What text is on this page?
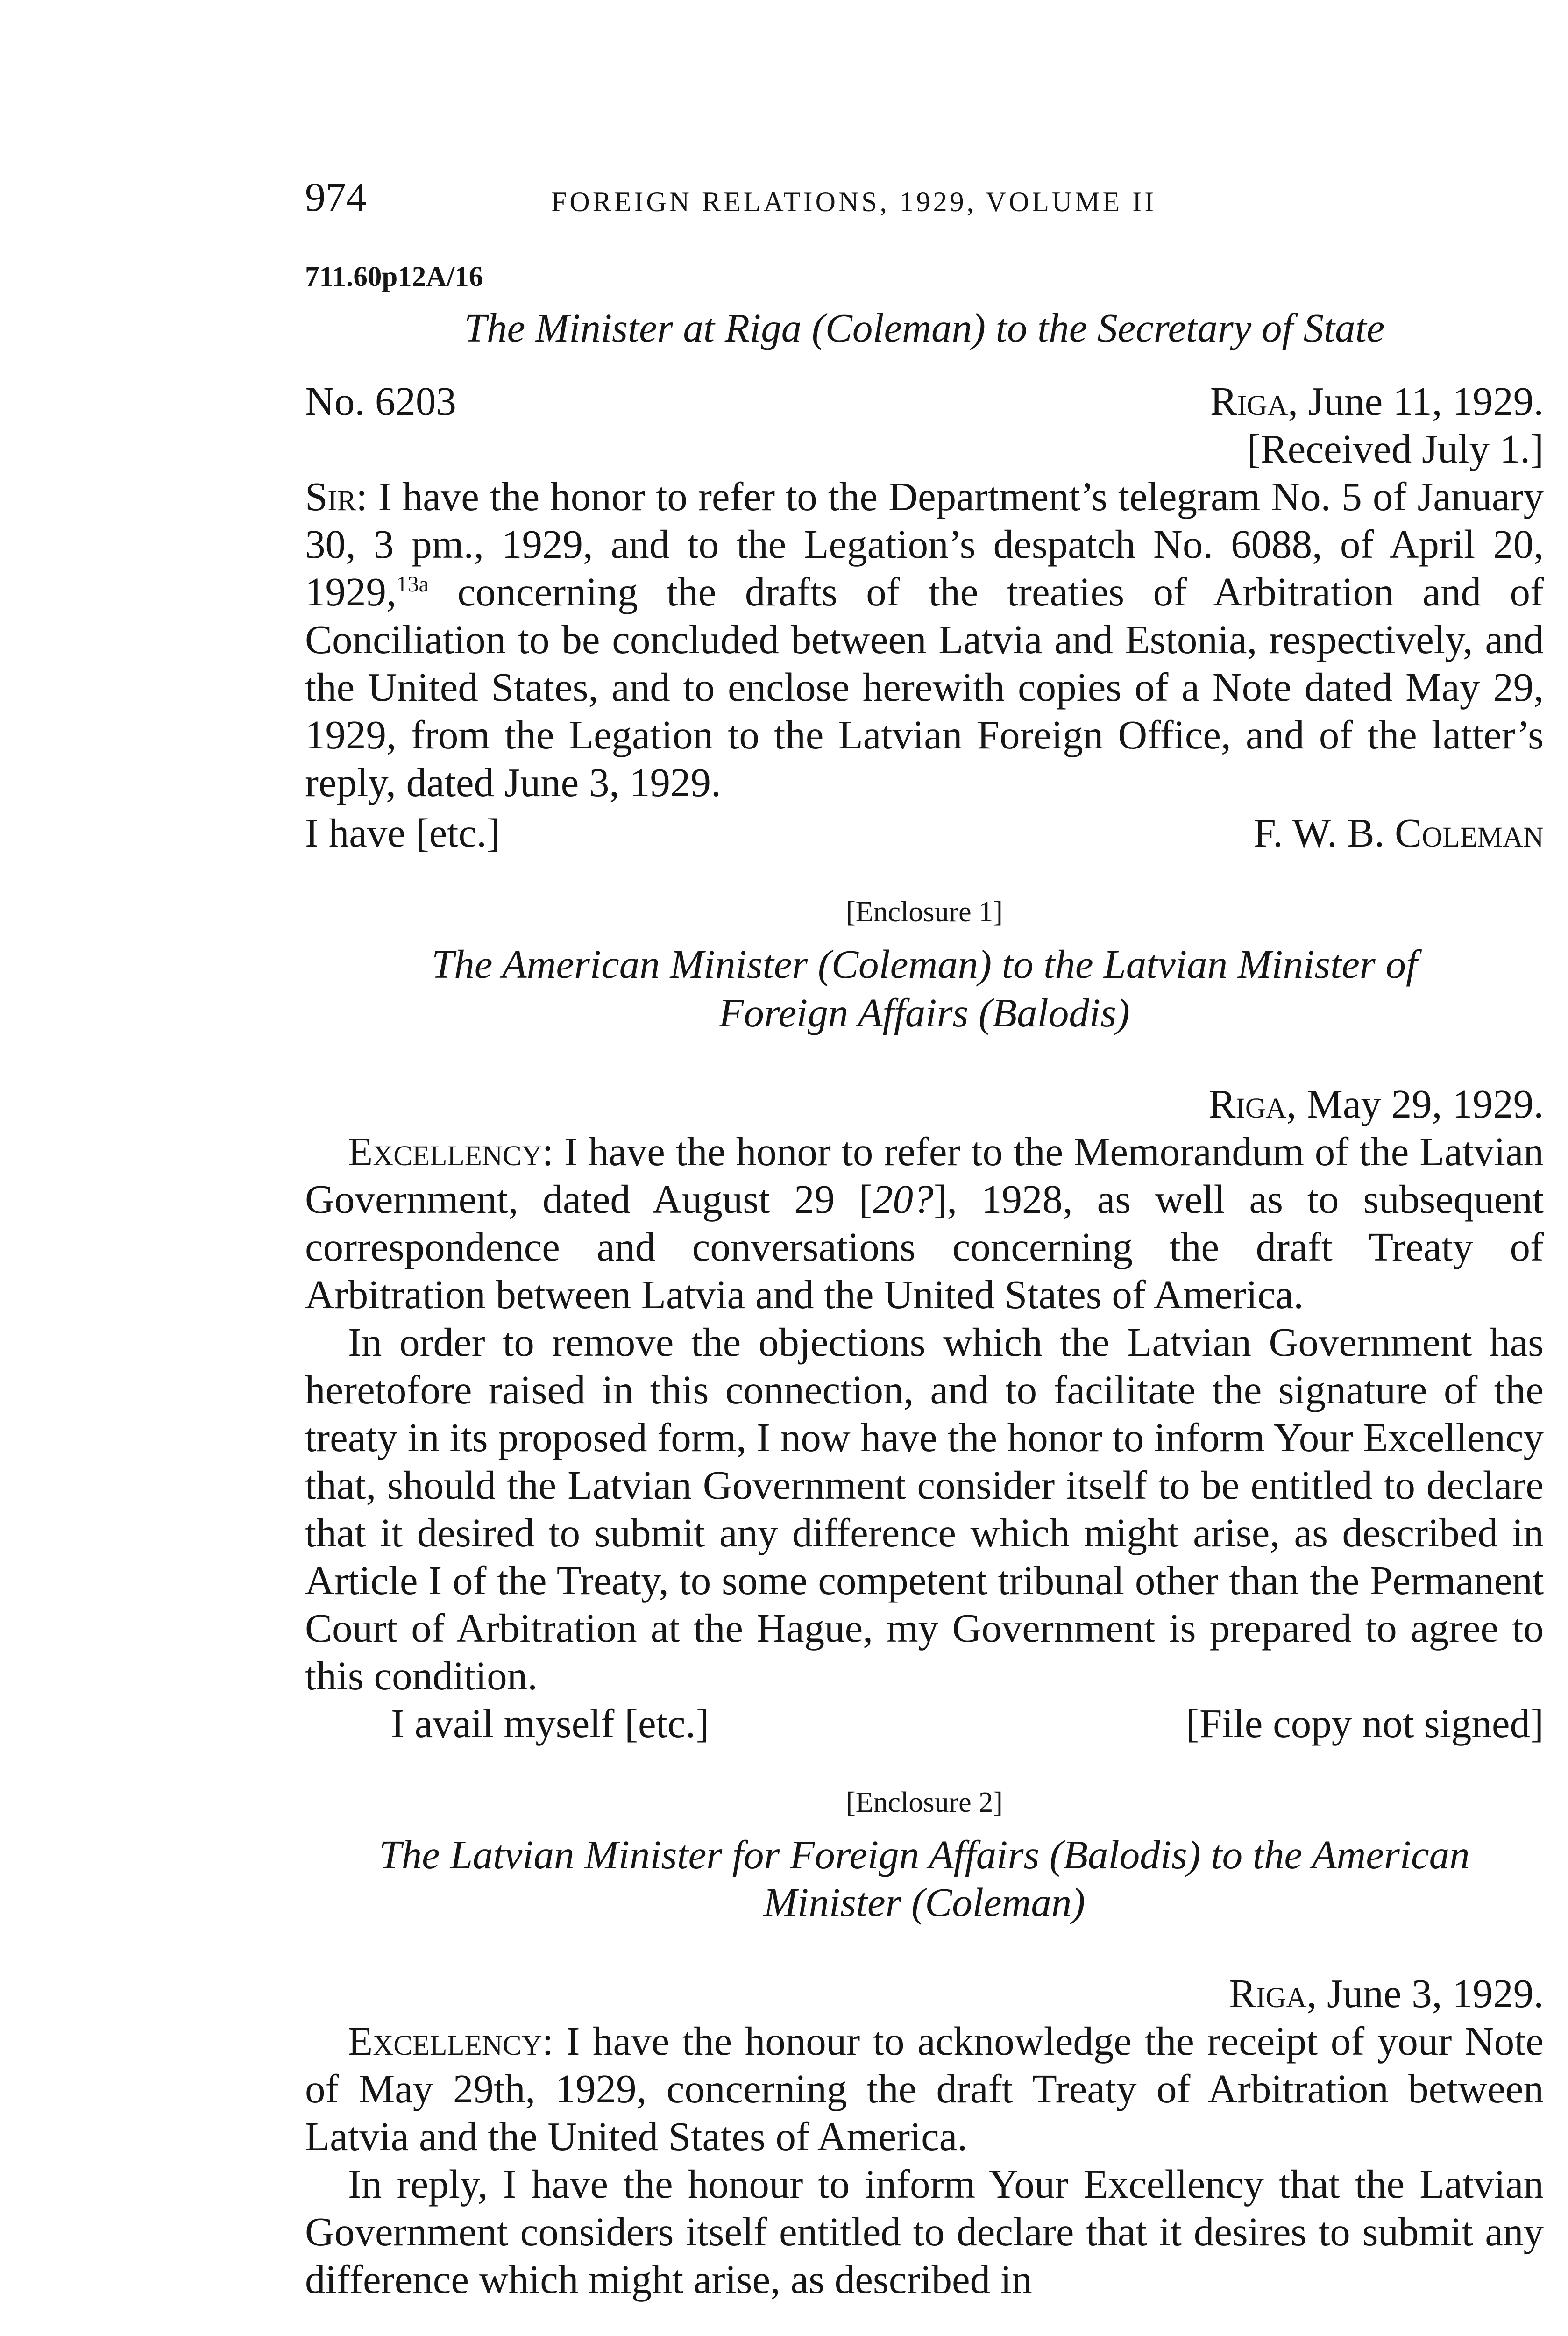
974	FOREIGN RELATIONS, 1929, VOLUME II
711.60p12A/16
The Minister at Riga (Coleman) to the Secretary of State
No. 6203	Riga, June 11, 1929.
[Received July 1.]

Sir: I have the honor to refer to the Department’s telegram No. 5 of January 30, 3 pm., 1929, and to the Legation’s despatch No. 6088, of April 20, 1929,$^{13a}$ concerning the drafts of the treaties of Arbitration and of Conciliation to be concluded between Latvia and Estonia, respectively, and the United States, and to enclose herewith copies of a Note dated May 29, 1929, from the Legation to the Latvian Foreign Office, and of the latter’s reply, dated June 3, 1929.

I have [etc.]	F. W. B. Coleman
[Enclosure 1]
The American Minister (Coleman) to the Latvian Minister of
Foreign Affairs (Balodis)
Riga, May 29, 1929.

Excellency: I have the honor to refer to the Memorandum of the Latvian Government, dated August 29 [20?], 1928, as well as to subsequent correspondence and conversations concerning the draft Treaty of Arbitration between Latvia and the United States of America.

In order to remove the objections which the Latvian Government has heretofore raised in this connection, and to facilitate the signature of the treaty in its proposed form, I now have the honor to inform Your Excellency that, should the Latvian Government consider itself to be entitled to declare that it desired to submit any difference which might arise, as described in Article I of the Treaty, to some competent tribunal other than the Permanent Court of Arbitration at the Hague, my Government is prepared to agree to this condition.

I avail myself [etc.]	[File copy not signed]
[Enclosure 2]
The Latvian Minister for Foreign Affairs (Balodis) to the American
Minister (Coleman)
Riga, June 3, 1929.

Excellency: I have the honour to acknowledge the receipt of your Note of May 29th, 1929, concerning the draft Treaty of Arbitration between Latvia and the United States of America.

In reply, I have the honour to inform Your Excellency that the Latvian Government considers itself entitled to declare that it desires to submit any difference which might arise, as described in
